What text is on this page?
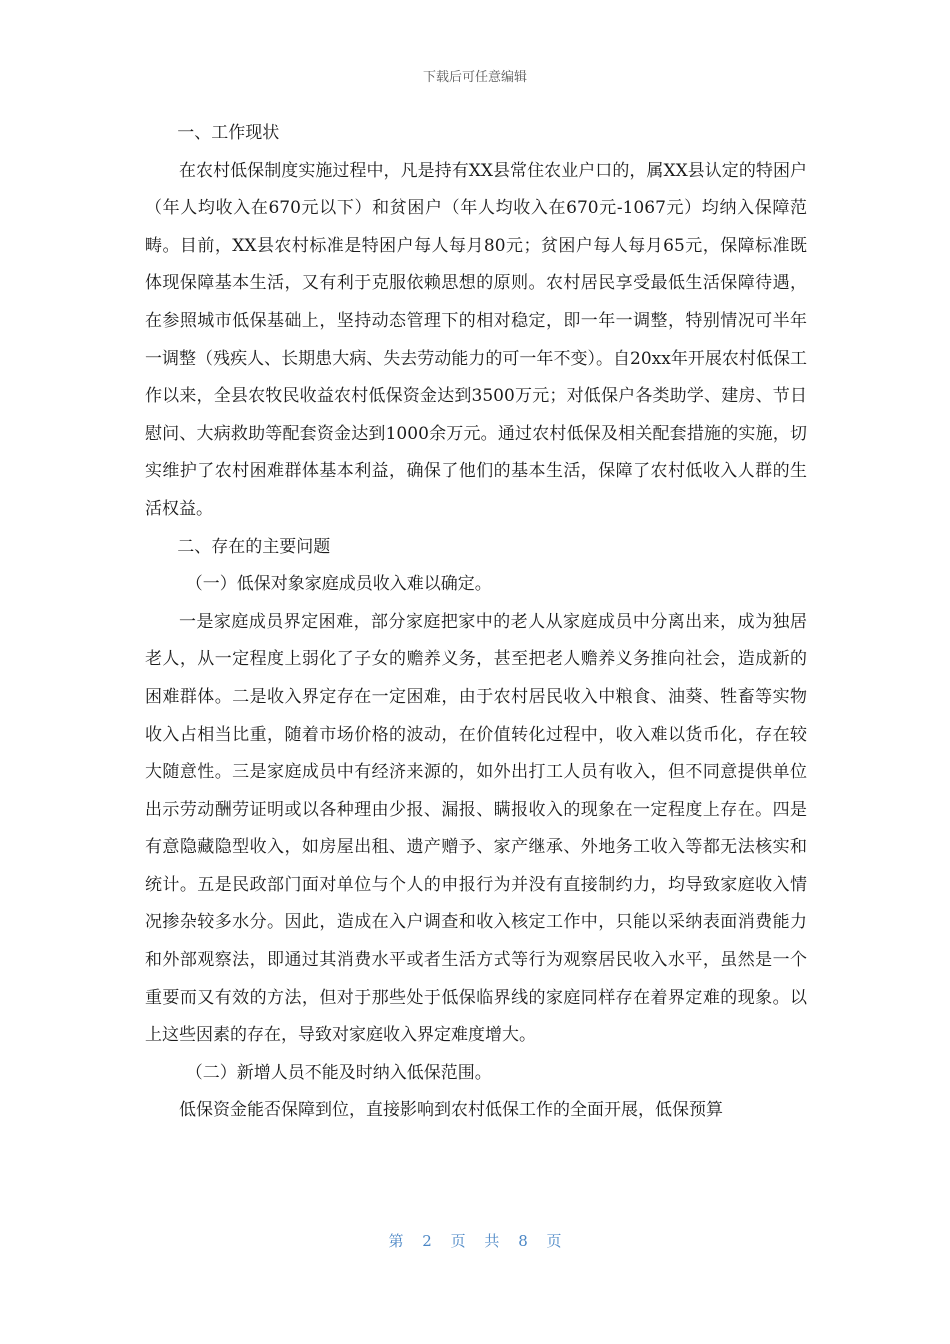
下载后可任意编辑

一、工作现状

在农村低保制度实施过程中，凡是持有XX县常住农业户口的，属XX县认定的特困户（年人均收入在670元以下）和贫困户（年人均收入在670元-1067元）均纳入保障范畴。目前，XX县农村标准是特困户每人每月80元；贫困户每人每月65元，保障标准既体现保障基本生活，又有利于克服依赖思想的原则。农村居民享受最低生活保障待遇，在参照城市低保基础上，坚持动态管理下的相对稳定，即一年一调整，特别情况可半年一调整（残疾人、长期患大病、失去劳动能力的可一年不变）。自20xx年开展农村低保工作以来，全县农牧民收益农村低保资金达到3500万元；对低保户各类助学、建房、节日慰问、大病救助等配套资金达到1000余万元。通过农村低保及相关配套措施的实施，切实维护了农村困难群体基本利益，确保了他们的基本生活，保障了农村低收入人群的生活权益。

二、存在的主要问题

（一）低保对象家庭成员收入难以确定。

一是家庭成员界定困难，部分家庭把家中的老人从家庭成员中分离出来，成为独居老人，从一定程度上弱化了子女的赡养义务，甚至把老人赡养义务推向社会，造成新的困难群体。二是收入界定存在一定困难，由于农村居民收入中粮食、油葵、牲畜等实物收入占相当比重，随着市场价格的波动，在价值转化过程中，收入难以货币化，存在较大随意性。三是家庭成员中有经济来源的，如外出打工人员有收入，但不同意提供单位出示劳动酬劳证明或以各种理由少报、漏报、瞒报收入的现象在一定程度上存在。四是有意隐藏隐型收入，如房屋出租、遗产赠予、家产继承、外地务工收入等都无法核实和统计。五是民政部门面对单位与个人的申报行为并没有直接制约力，均导致家庭收入情况掺杂较多水分。因此，造成在入户调查和收入核定工作中，只能以采纳表面消费能力和外部观察法，即通过其消费水平或者生活方式等行为观察居民收入水平，虽然是一个重要而又有效的方法，但对于那些处于低保临界线的家庭同样存在着界定难的现象。以上这些因素的存在，导致对家庭收入界定难度增大。

（二）新增人员不能及时纳入低保范围。

低保资金能否保障到位，直接影响到农村低保工作的全面开展，低保预算

第 2 页 共 8 页
